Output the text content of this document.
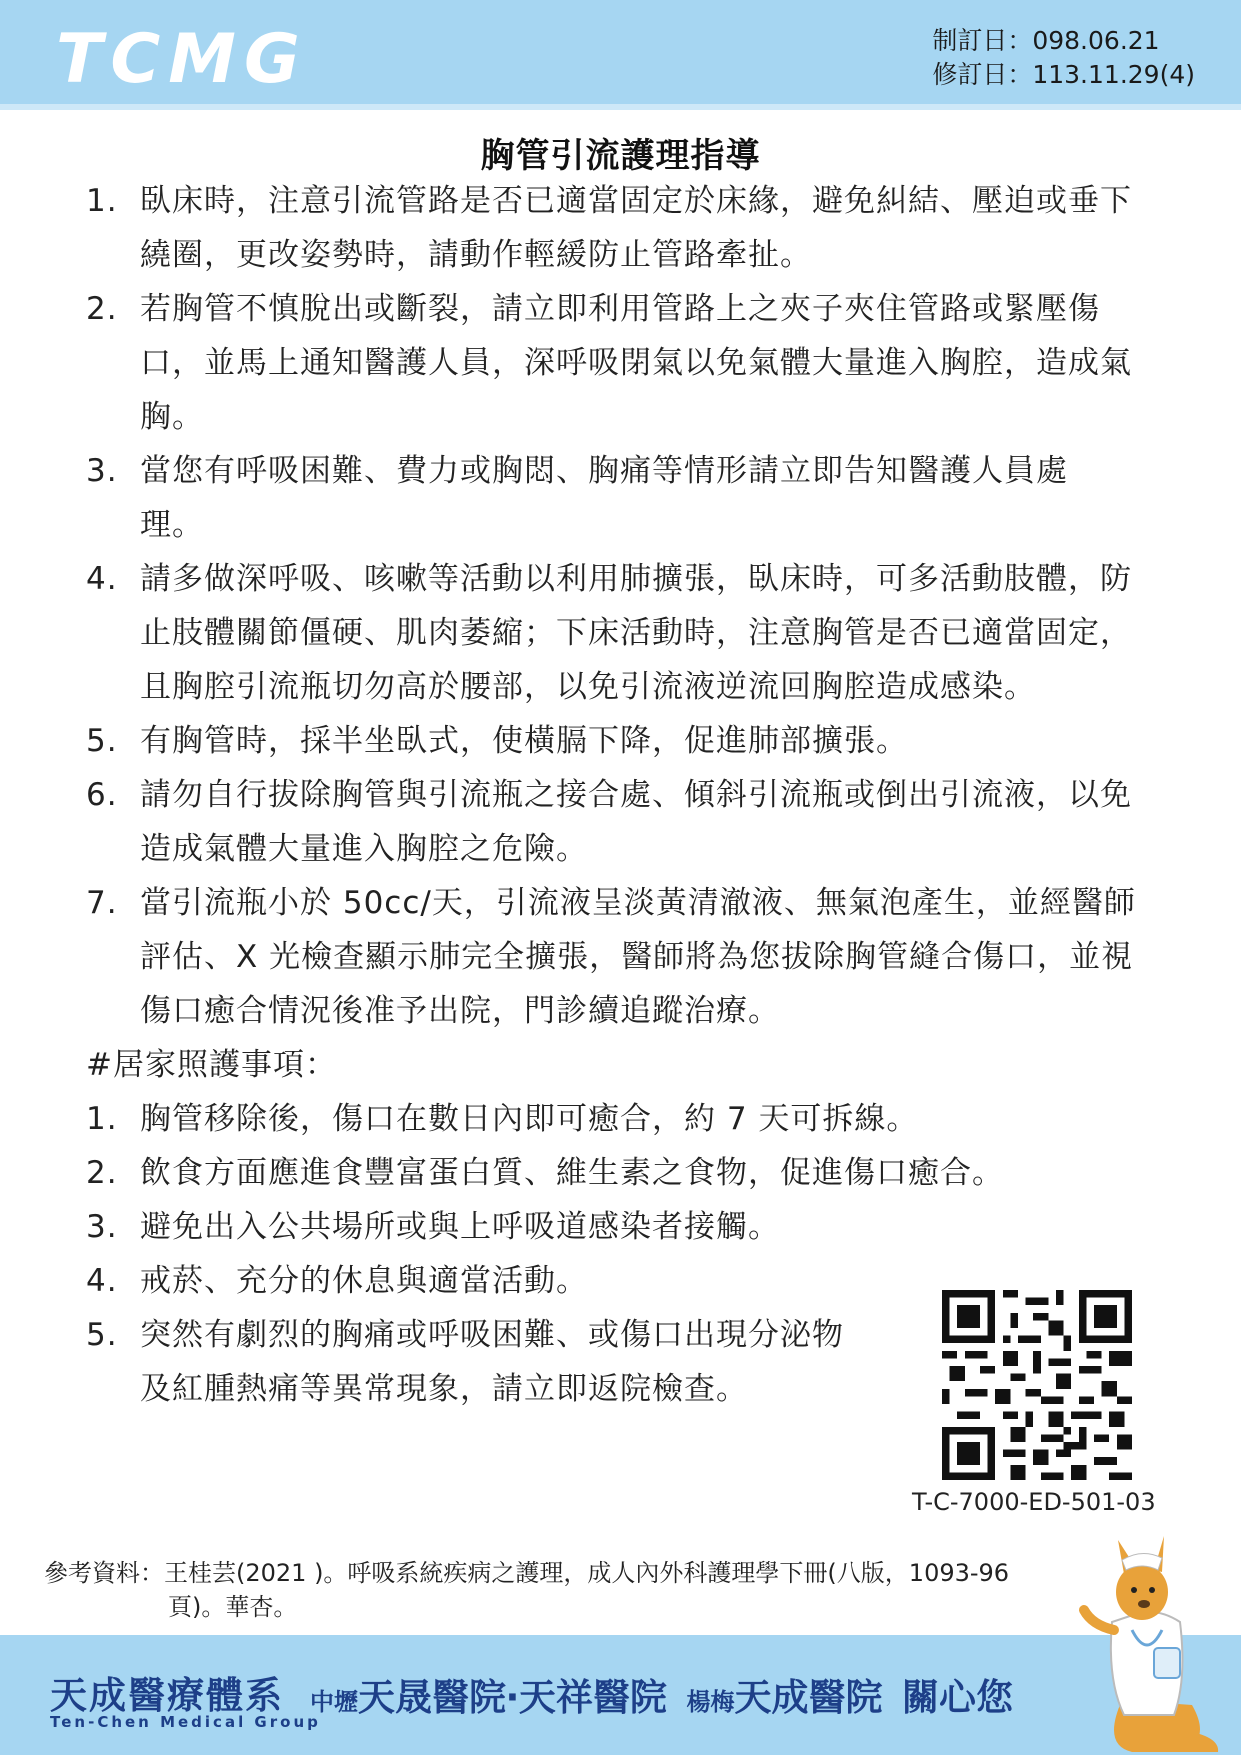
TCMG	制訂日：098.06.21
修訂日：113.11.29(4)
胸管引流護理指導
1. 臥床時，注意引流管路是否已適當固定於床緣，避免糾結、壓迫或垂下繞圈，更改姿勢時，請動作輕緩防止管路牽扯。
2. 若胸管不慎脫出或斷裂，請立即利用管路上之夾子夾住管路或緊壓傷口，並馬上通知醫護人員，深呼吸閉氣以免氣體大量進入胸腔，造成氣胸。
3. 當您有呼吸困難、費力或胸悶、胸痛等情形請立即告知醫護人員處理。
4. 請多做深呼吸、咳嗽等活動以利用肺擴張，臥床時，可多活動肢體，防止肢體關節僵硬、肌肉萎縮；下床活動時，注意胸管是否已適當固定，且胸腔引流瓶切勿高於腰部，以免引流液逆流回胸腔造成感染。
5. 有胸管時，採半坐臥式，使橫膈下降，促進肺部擴張。
6. 請勿自行拔除胸管與引流瓶之接合處、傾斜引流瓶或倒出引流液，以免造成氣體大量進入胸腔之危險。
7. 當引流瓶小於 50cc/天，引流液呈淡黃清澈液、無氣泡產生，並經醫師評估、X 光檢查顯示肺完全擴張，醫師將為您拔除胸管縫合傷口，並視傷口癒合情況後准予出院，門診續追蹤治療。
#居家照護事項：
1. 胸管移除後，傷口在數日內即可癒合，約 7 天可拆線。
2. 飲食方面應進食豐富蛋白質、維生素之食物，促進傷口癒合。
3. 避免出入公共場所或與上呼吸道感染者接觸。
4. 戒菸、充分的休息與適當活動。
5. 突然有劇烈的胸痛或呼吸困難、或傷口出現分泌物及紅腫熱痛等異常現象，請立即返院檢查。
T-C-7000-ED-501-03
參考資料：王桂芸(2021 )。呼吸系統疾病之護理，成人內外科護理學下冊(八版，1093-96
頁)。華杏。
天成醫療體系
Ten-Chen Medical Group
中壢天晟醫院‧天祥醫院 楊梅天成醫院 關心您
